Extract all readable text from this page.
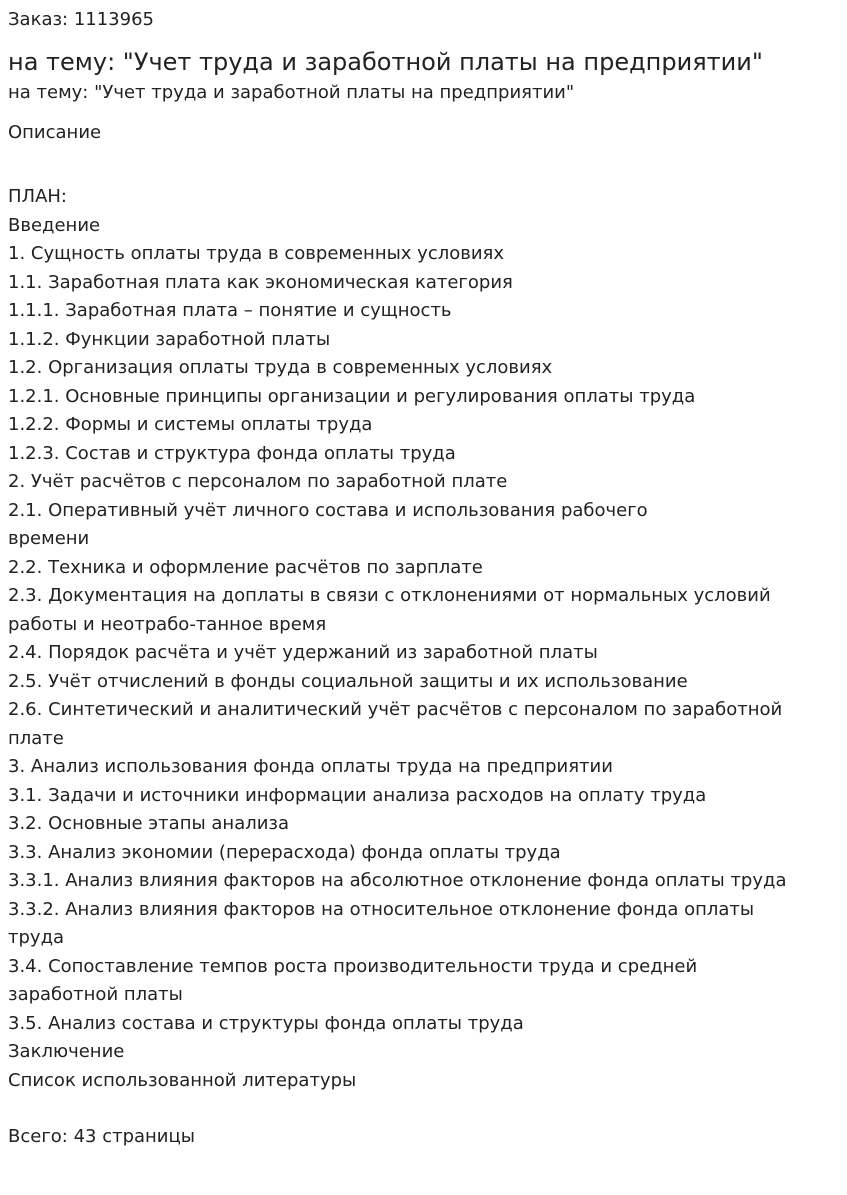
Заказ: 1113965

на тему: "Учет труда и заработной платы на предприятии"

на тему: "Учет труда и заработной платы на предприятии"

Описание

ПЛАН:
Введение
1. Сущность оплаты труда в современных условиях
1.1. Заработная плата как экономическая категория
1.1.1. Заработная плата – понятие и сущность
1.1.2. Функции заработной платы
1.2. Организация оплаты труда в современных условиях
1.2.1. Основные принципы организации и регулирования оплаты труда
1.2.2. Формы и системы оплаты труда
1.2.3. Состав и структура фонда оплаты труда
2. Учёт расчётов с персоналом по заработной плате
2.1. Оперативный учёт личного состава и использования рабочего
времени
2.2. Техника и оформление расчётов по зарплате
2.3. Документация на доплаты в связи с отклонениями от нормальных условий
работы и неотрабо-танное время
2.4. Порядок расчёта и учёт удержаний из заработной платы
2.5. Учёт отчислений в фонды социальной защиты и их использование
2.6. Синтетический и аналитический учёт расчётов с персоналом по заработной
плате
3. Анализ использования фонда оплаты труда на предприятии
3.1. Задачи и источники информации анализа расходов на оплату труда
3.2. Основные этапы анализа
3.3. Анализ экономии (перерасхода) фонда оплаты труда
3.3.1. Анализ влияния факторов на абсолютное отклонение фонда оплаты труда
3.3.2. Анализ влияния факторов на относительное отклонение фонда оплаты
труда
3.4. Сопоставление темпов роста производительности труда и средней
заработной платы
3.5. Анализ состава и структуры фонда оплаты труда
Заключение
Список использованной литературы

Всего: 43 страницы
